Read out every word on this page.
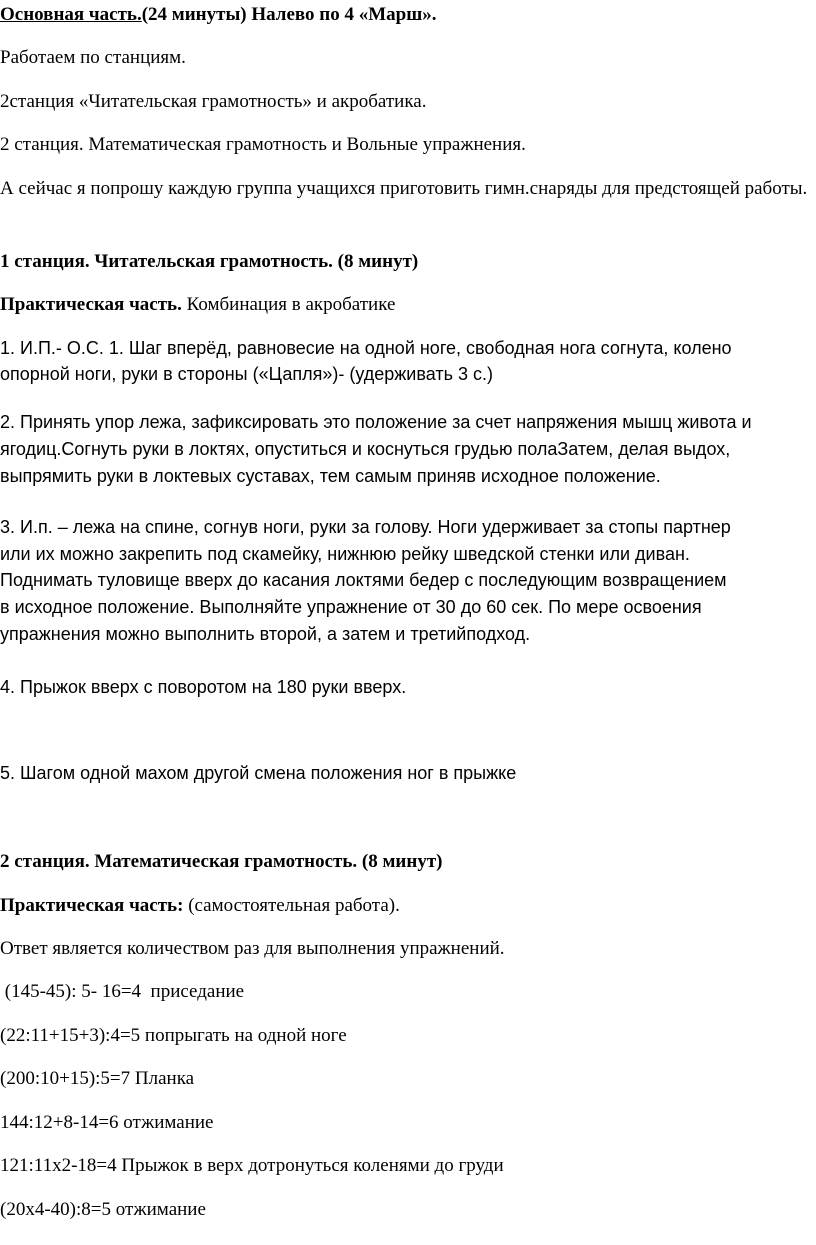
Основная часть.(24 минуты) Налево по 4 «Марш».
Работаем по станциям.
2станция «Читательская грамотность» и акробатика.
2 станция. Математическая грамотность и Вольные упражнения.
А сейчас я попрошу каждую группа учащихся приготовить гимн.снаряды для предстоящей работы.
1 станция. Читательская грамотность. (8 минут)
Практическая часть. Комбинация в акробатике
1. И.П.- О.С. 1. Шаг вперёд, равновесие на одной ноге, свободная нога согнута, колено
опорной ноги, руки в стороны («Цапля»)- (удерживать 3 с.)
2. Принять упор лежа, зафиксировать это положение за счет напряжения мышц живота и
ягодиц.Согнуть руки в локтях, опуститься и коснуться грудью полаЗатем, делая выдох,
выпрямить руки в локтевых суставах, тем самым приняв исходное положение.
3. И.п. – лежа на спине, согнув ноги, руки за голову. Ноги удерживает за стопы партнер
или их можно закрепить под скамейку, нижнюю рейку шведской стенки или диван.
Поднимать туловище вверх до касания локтями бедер с последующим возвращением
в исходное положение. Выполняйте упражнение от 30 до 60 сек. По мере освоения
упражнения можно выполнить второй, а затем и третийподход.
4. Прыжок вверх с поворотом на 180 руки вверх.
5. Шагом одной махом другой смена положения ног в прыжке
2 станция. Математическая грамотность. (8 минут)
Практическая часть: (самостоятельная работа).
Ответ является количеством раз для выполнения упражнений.
(145-45): 5- 16=4  приседание
(22:11+15+3):4=5 попрыгать на одной ноге
(200:10+15):5=7 Планка
144:12+8-14=6 отжимание
121:11х2-18=4 Прыжок в верх дотронуться коленями до груди
(20х4-40):8=5 отжимание
